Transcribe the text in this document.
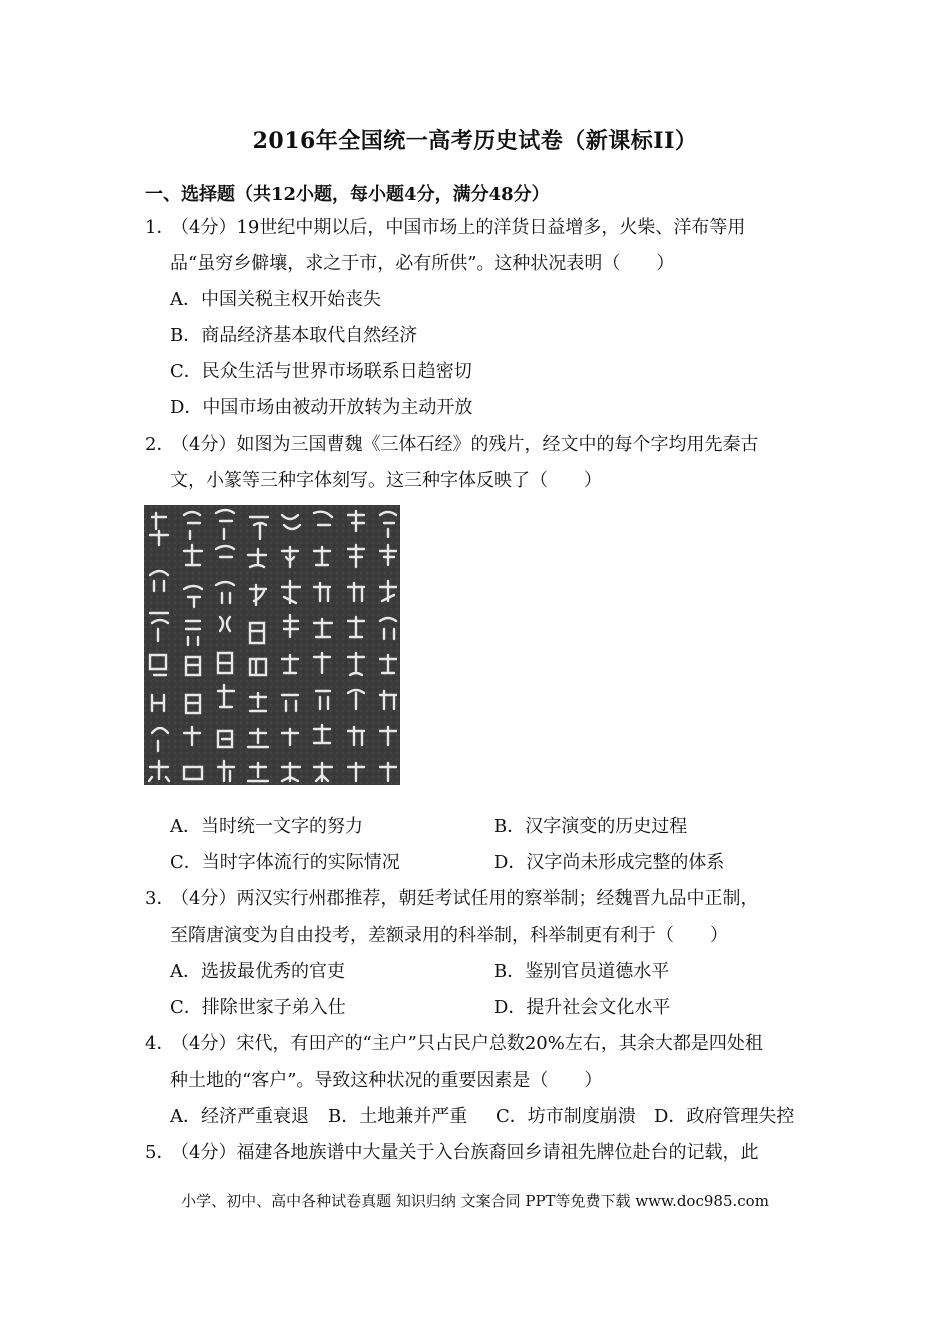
2016年全国统一高考历史试卷（新课标II）
一、选择题（共12小题，每小题4分，满分48分）
1．（4分）19世纪中期以后，中国市场上的洋货日益增多，火柴、洋布等用
品“虽穷乡僻壤，求之于市，必有所供”。这种状况表明（　　）
A．中国关税主权开始丧失
B．商品经济基本取代自然经济
C．民众生活与世界市场联系日趋密切
D．中国市场由被动开放转为主动开放
2．（4分）如图为三国曹魏《三体石经》的残片，经文中的每个字均用先秦古
文，小篆等三种字体刻写。这三种字体反映了（　　）
A．当时统一文字的努力	B．汉字演变的历史过程
C．当时字体流行的实际情况	D．汉字尚未形成完整的体系
3．（4分）两汉实行州郡推荐，朝廷考试任用的察举制；经魏晋九品中正制，
至隋唐演变为自由投考，差额录用的科举制，科举制更有利于（　　）
A．选拔最优秀的官吏	B．鉴别官员道德水平
C．排除世家子弟入仕	D．提升社会文化水平
4．（4分）宋代，有田产的“主户”只占民户总数20%左右，其余大都是四处租
种土地的“客户”。导致这种状况的重要因素是（　　）
A．经济严重衰退 B．土地兼并严重 C．坊市制度崩溃 D．政府管理失控
5．（4分）福建各地族谱中大量关于入台族裔回乡请祖先牌位赴台的记载，此
小学、初中、高中各种试卷真题 知识归纳 文案合同 PPT等免费下载 www.doc985.com
